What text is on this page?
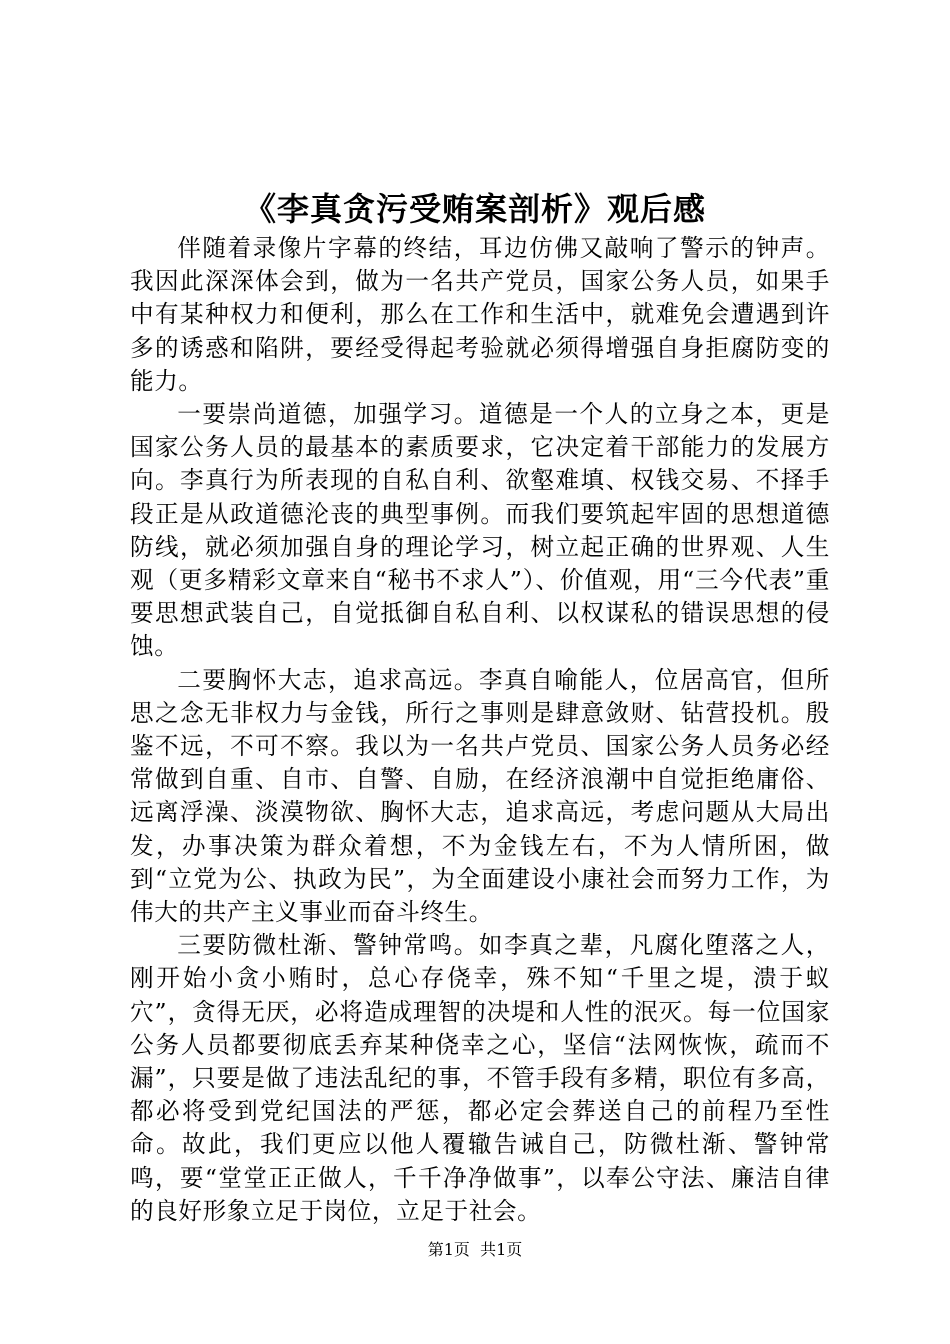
《李真贪污受贿案剖析》观后感

伴随着录像片字幕的终结，耳边仿佛又敲响了警示的钟声。我因此深深体会到，做为一名共产党员，国家公务人员，如果手中有某种权力和便利，那么在工作和生活中，就难免会遭遇到许多的诱惑和陷阱，要经受得起考验就必须得增强自身拒腐防变的能力。

一要崇尚道德，加强学习。道德是一个人的立身之本，更是国家公务人员的最基本的素质要求，它决定着干部能力的发展方向。李真行为所表现的自私自利、欲壑难填、权钱交易、不择手段正是从政道德沦丧的典型事例。而我们要筑起牢固的思想道德防线，就必须加强自身的理论学习，树立起正确的世界观、人生观（更多精彩文章来自“秘书不求人”）、价值观，用“三今代表”重要思想武装自己，自觉抵御自私自利、以权谋私的错误思想的侵蚀。

二要胸怀大志，追求高远。李真自喻能人，位居高官，但所思之念无非权力与金钱，所行之事则是肆意敛财、钻营投机。殷鉴不远，不可不察。我以为一名共卢党员、国家公务人员务必经常做到自重、自市、自警、自励，在经济浪潮中自觉拒绝庸俗、远离浮澡、淡漠物欲、胸怀大志，追求高远，考虑问题从大局出发，办事决策为群众着想，不为金钱左右，不为人情所困，做到“立党为公、执政为民”，为全面建设小康社会而努力工作，为伟大的共产主义事业而奋斗终生。

三要防微杜渐、警钟常鸣。如李真之辈，凡腐化堕落之人，刚开始小贪小贿时，总心存侥幸，殊不知“千里之堤，溃于蚁穴”，贪得无厌，必将造成理智的决堤和人性的泯灭。每一位国家公务人员都要彻底丢弃某种侥幸之心，坚信“法网恢恢，疏而不漏”，只要是做了违法乱纪的事，不管手段有多精，职位有多高，都必将受到党纪国法的严惩，都必定会葬送自己的前程乃至性命。故此，我们更应以他人覆辙告诫自己，防微杜渐、警钟常鸣，要“堂堂正正做人，千千净净做事”，以奉公守法、廉洁自律的良好形象立足于岗位，立足于社会。

第1页 共1页
